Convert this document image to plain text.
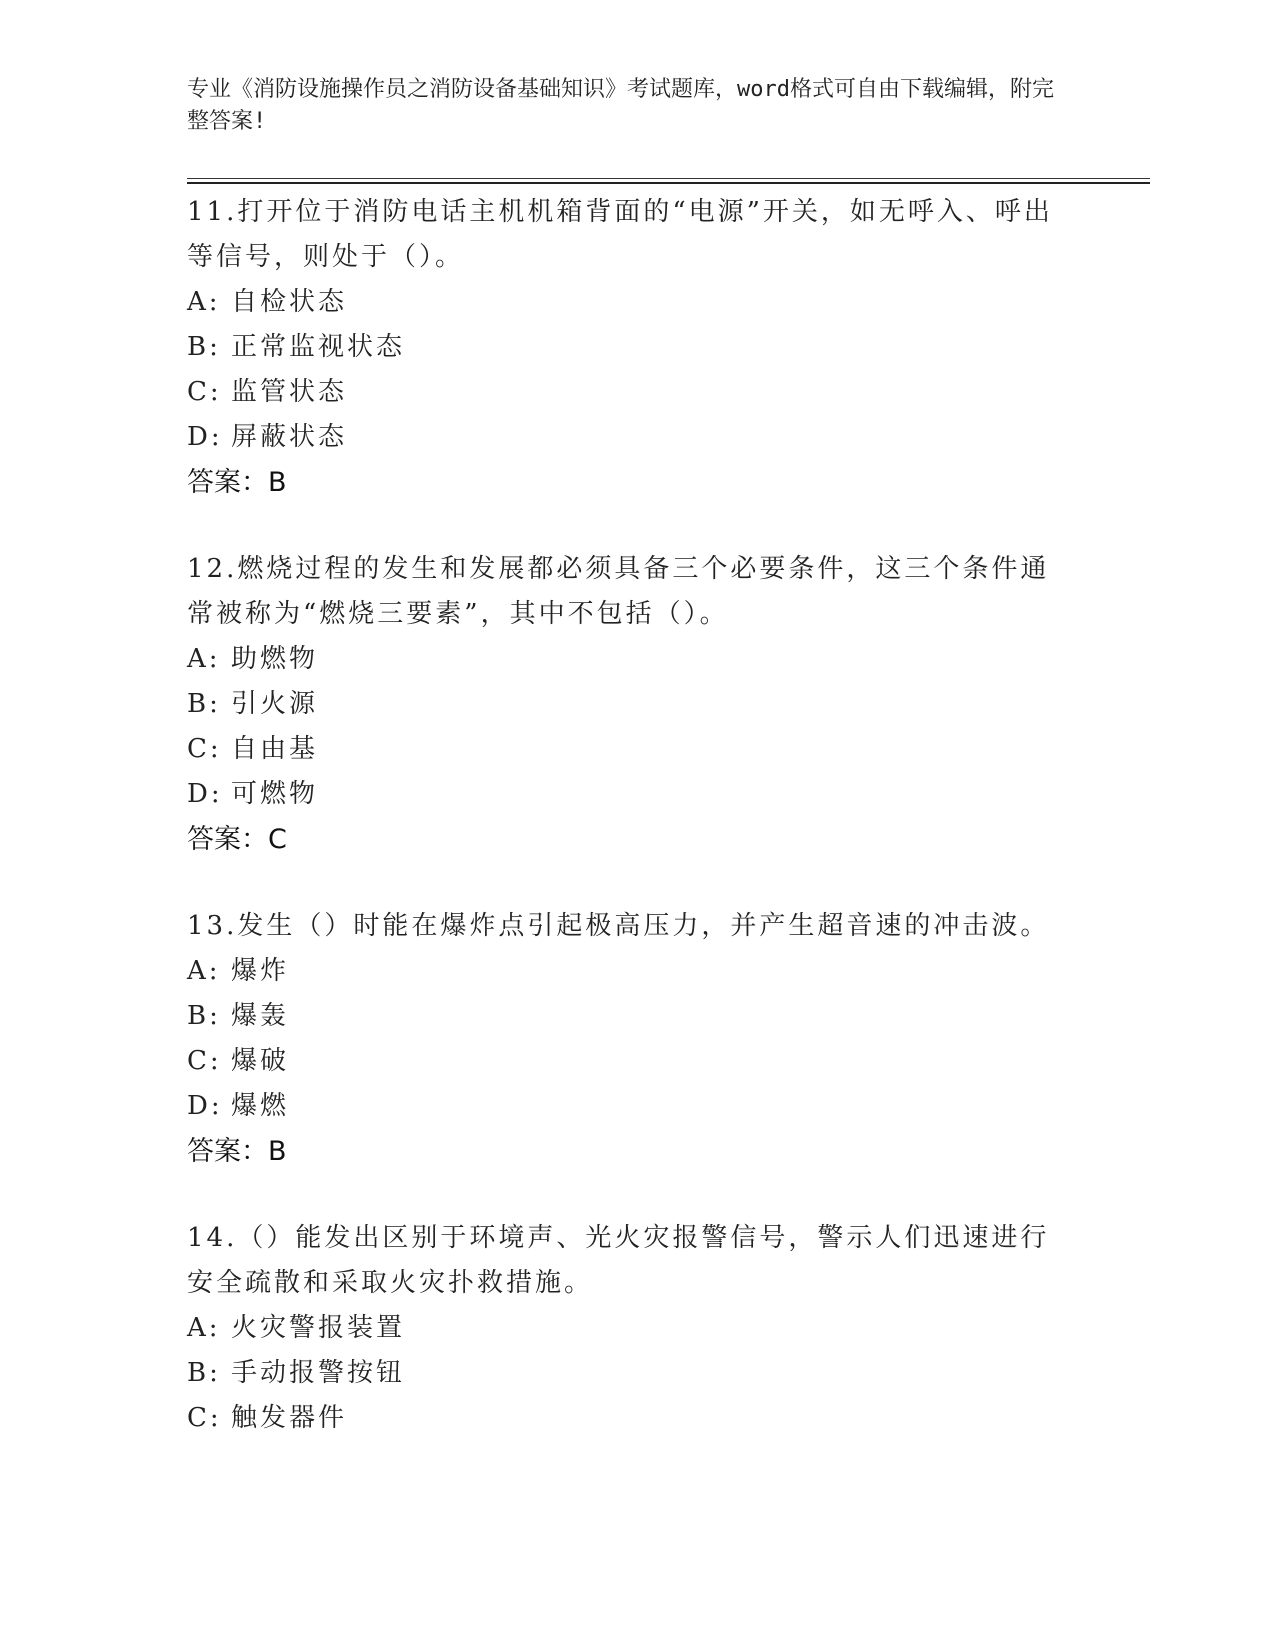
专业《消防设施操作员之消防设备基础知识》考试题库，word格式可自由下载编辑，附完整答案!
11.打开位于消防电话主机机箱背面的“电源”开关，如无呼入、呼出等信号，则处于（）。
A: 自检状态
B: 正常监视状态
C: 监管状态
D: 屏蔽状态
答案：B
12.燃烧过程的发生和发展都必须具备三个必要条件，这三个条件通常被称为“燃烧三要素”，其中不包括（）。
A: 助燃物
B: 引火源
C: 自由基
D: 可燃物
答案：C
13.发生（）时能在爆炸点引起极高压力，并产生超音速的冲击波。
A: 爆炸
B: 爆轰
C: 爆破
D: 爆燃
答案：B
14.（）能发出区别于环境声、光火灾报警信号，警示人们迅速进行安全疏散和采取火灾扑救措施。
A: 火灾警报装置
B: 手动报警按钮
C: 触发器件
